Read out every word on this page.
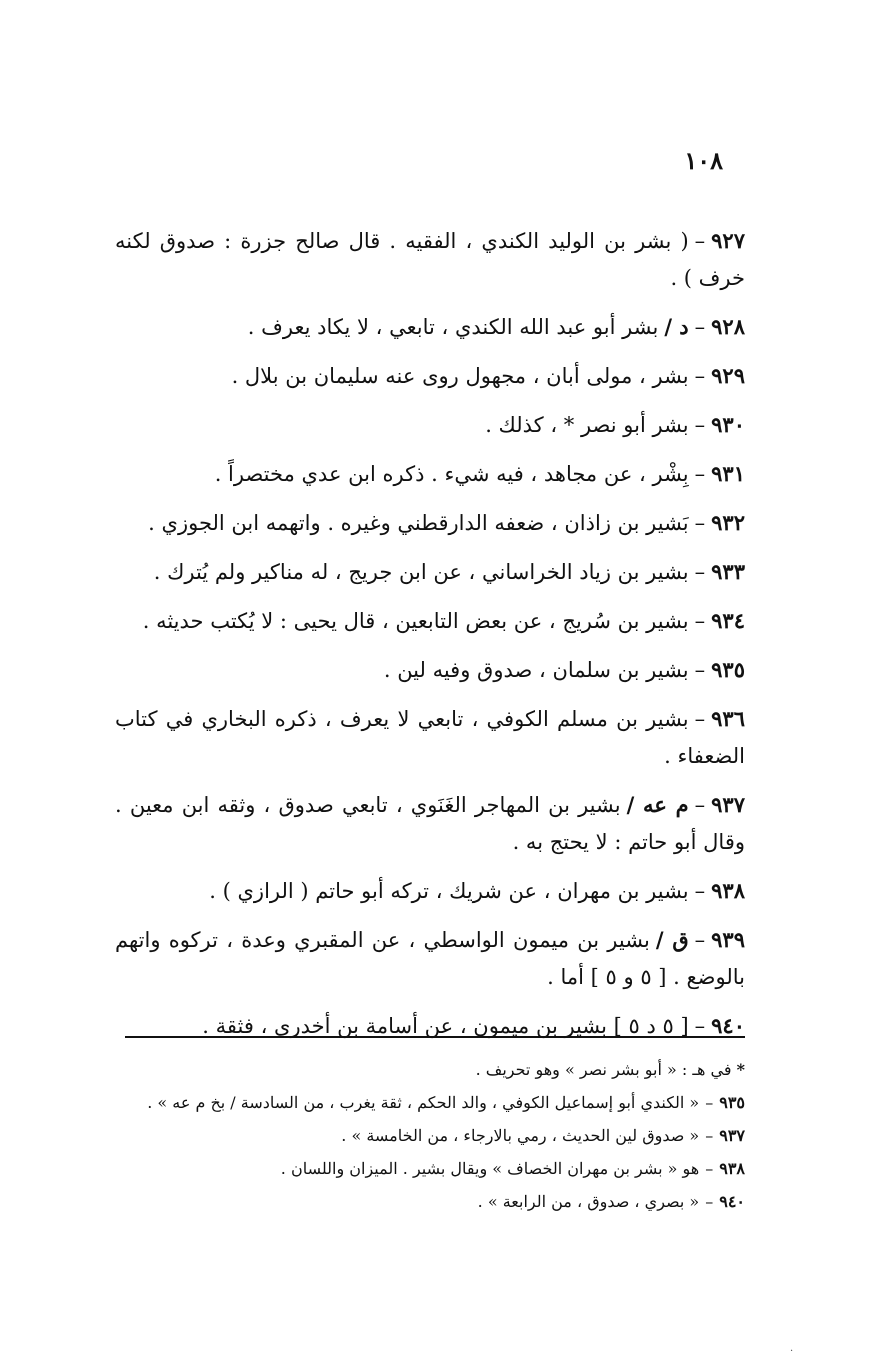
١٠٨

٩٢٧–( بشر بن الوليد الكندي ، الفقيه . قال صالح جزرة : صدوق لكنه خرف ) .

٩٢٨–د /بشر أبو عبد الله الكندي ، تابعي ، لا يكاد يعرف .

٩٢٩–بشر ، مولى أبان ، مجهول روى عنه سليمان بن بلال .

٩٣٠–بشر أبو نصر * ، كذلك .

٩٣١–بِشْر ، عن مجاهد ، فيه شيء . ذكره ابن عدي مختصراً .

٩٣٢–بَشير بن زاذان ، ضعفه الدارقطني وغيره . واتهمه ابن الجوزي .

٩٣٣–بشير بن زياد الخراساني ، عن ابن جريج ، له مناكير ولم يُترك .

٩٣٤–بشير بن سُريج ، عن بعض التابعين ، قال يحيى : لا يُكتب حديثه .

٩٣٥–بشير بن سلمان ، صدوق وفيه لين .

٩٣٦–بشير بن مسلم الكوفي ، تابعي لا يعرف ، ذكره البخاري في كتاب الضعفاء .

٩٣٧–م عه /بشير بن المهاجر الغَنَوي ، تابعي صدوق ، وثقه ابن معين . وقال أبو حاتم : لا يحتج به .

٩٣٨–بشير بن مهران ، عن شريك ، تركه أبو حاتم ( الرازي ) .

٩٣٩–ق /بشير بن ميمون الواسطي ، عن المقبري وعدة ، تركوه واتهم بالوضع . [ ٥ و ٥ ] أما .

٩٤٠–[ ٥ د ٥ ] بشير بن ميمون ، عن أسامة بن أخدري ، فثقة .

* في هـ : « أبو بشر نصر » وهو تحريف .

٩٣٥–« الكندي أبو إسماعيل الكوفي ، والد الحكم ، ثقة يغرب ، من السادسة / بخ م عه » .

٩٣٧–« صدوق لين الحديث ، رمي بالارجاء ، من الخامسة » .

٩٣٨–هو « بشر بن مهران الخصاف » ويقال بشير . الميزان واللسان .

٩٤٠–« بصري ، صدوق ، من الرابعة » .

·
